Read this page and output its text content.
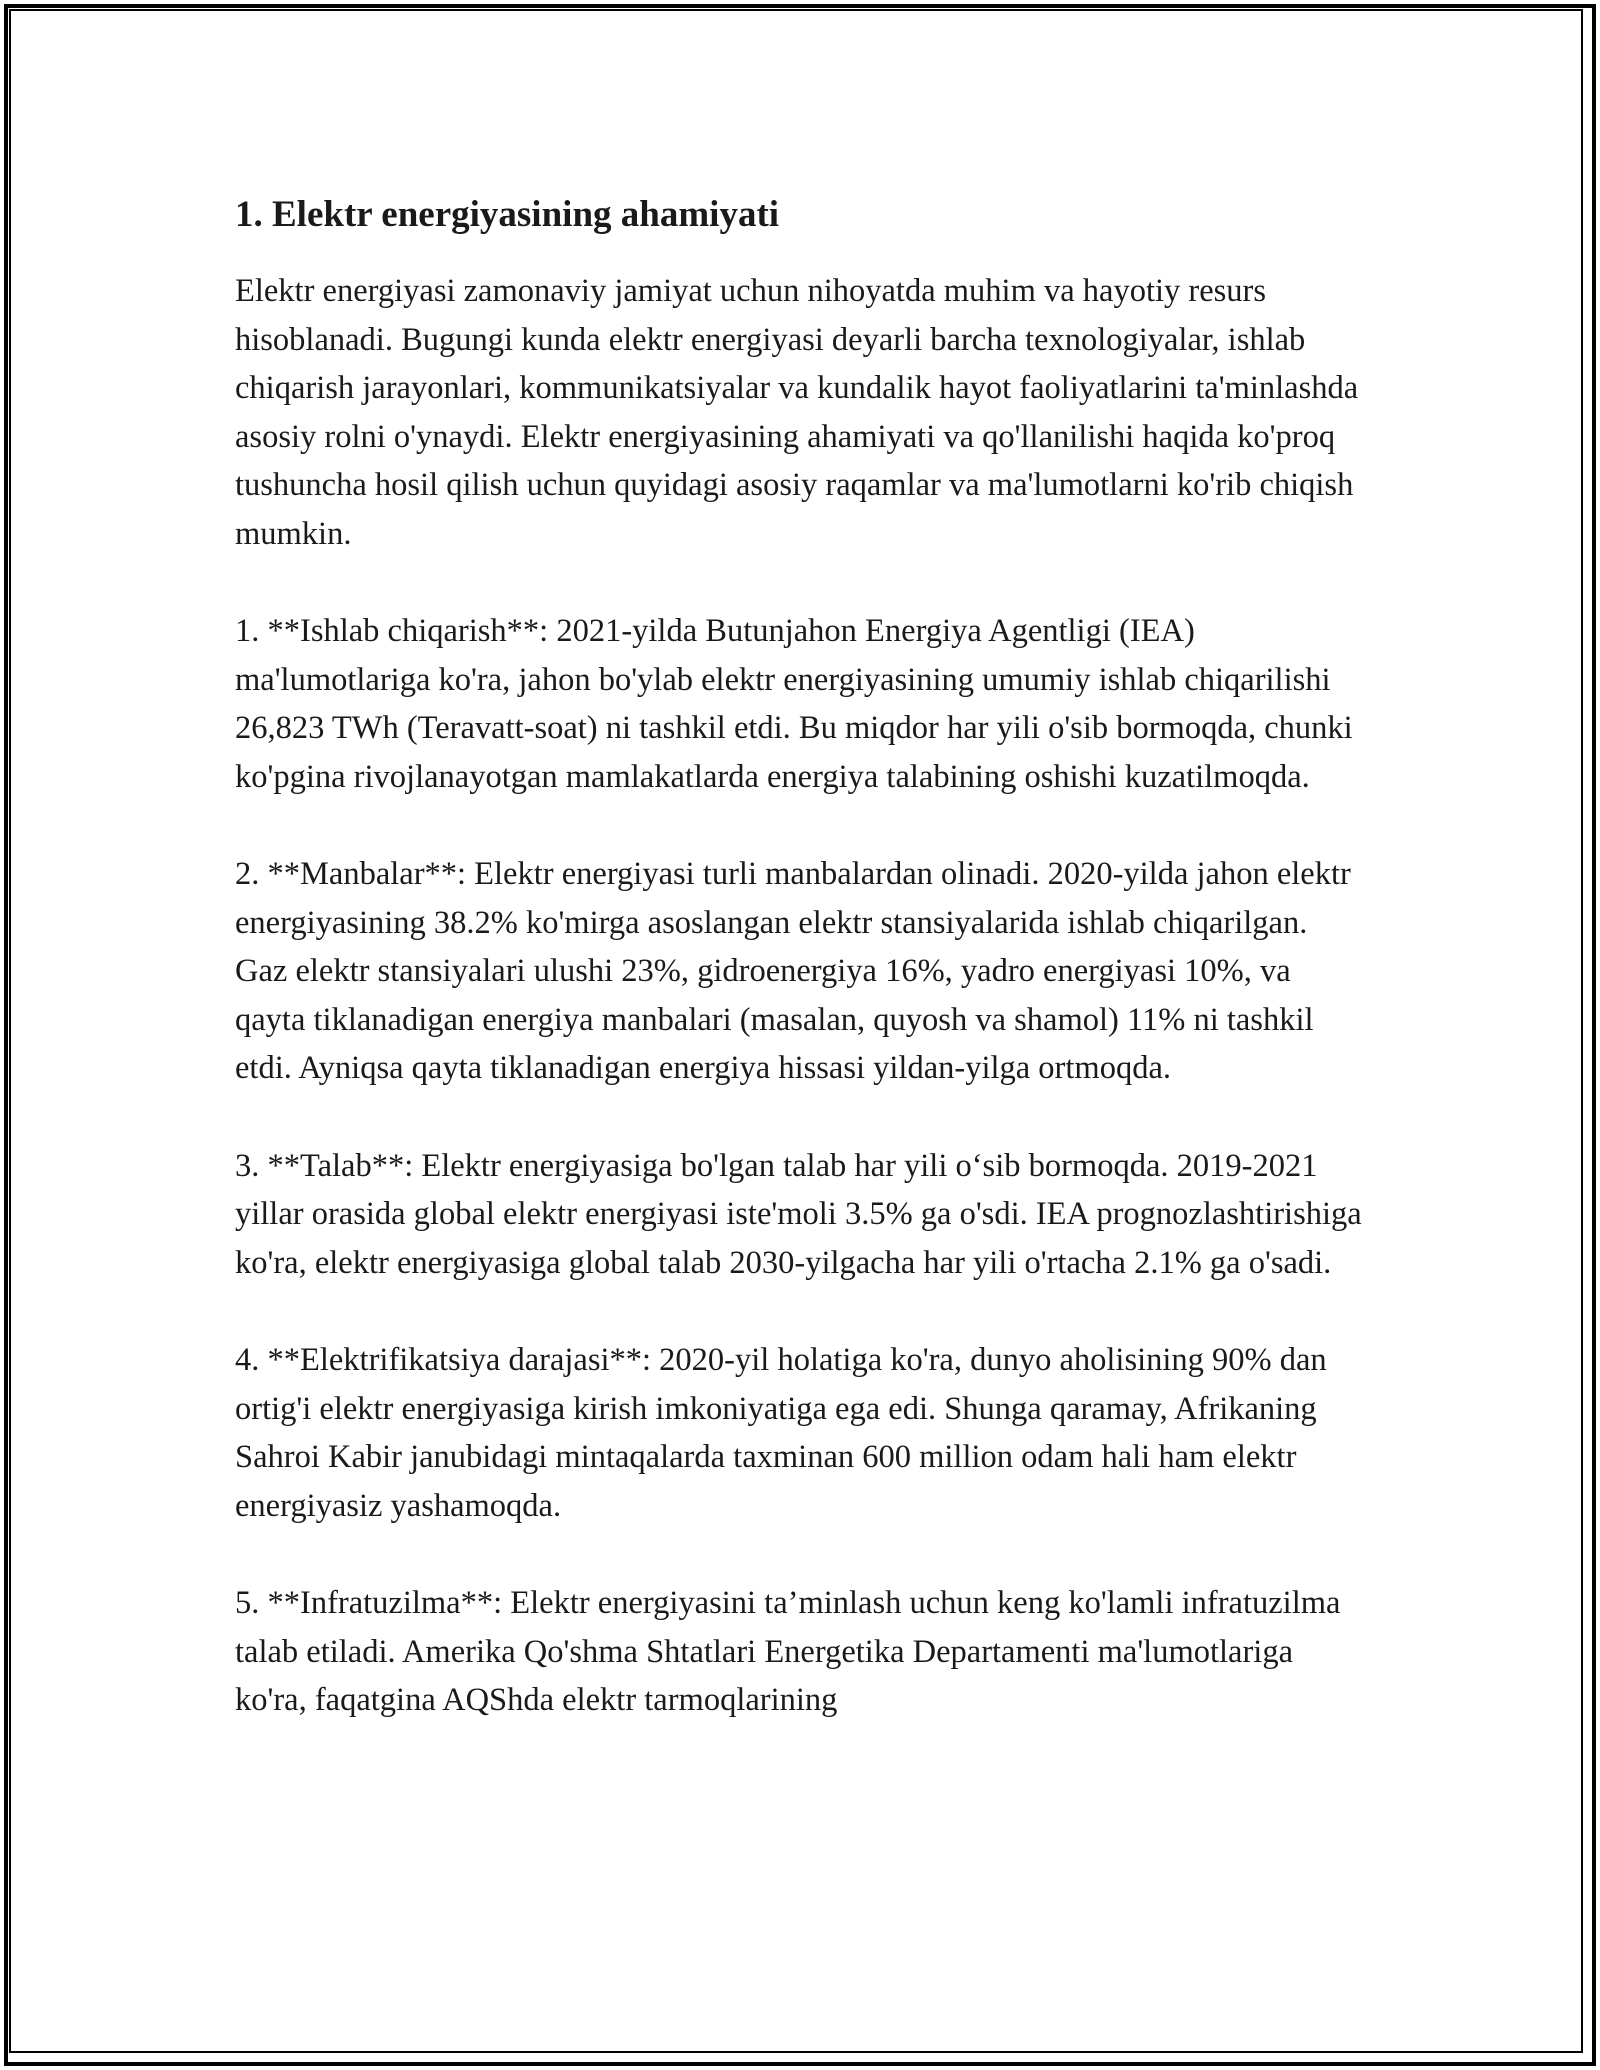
1. Elektr energiyasining ahamiyati

Elektr energiyasi zamonaviy jamiyat uchun nihoyatda muhim va hayotiy resurs hisoblanadi. Bugungi kunda elektr energiyasi deyarli barcha texnologiyalar, ishlab chiqarish jarayonlari, kommunikatsiyalar va kundalik hayot faoliyatlarini ta'minlashda asosiy rolni o'ynaydi. Elektr energiyasining ahamiyati va qo'llanilishi haqida ko'proq tushuncha hosil qilish uchun quyidagi asosiy raqamlar va ma'lumotlarni ko'rib chiqish mumkin.

1. **Ishlab chiqarish**: 2021-yilda Butunjahon Energiya Agentligi (IEA) ma'lumotlariga ko'ra, jahon bo'ylab elektr energiyasining umumiy ishlab chiqarilishi 26,823 TWh (Teravatt-soat) ni tashkil etdi. Bu miqdor har yili o'sib bormoqda, chunki ko'pgina rivojlanayotgan mamlakatlarda energiya talabining oshishi kuzatilmoqda.

2. **Manbalar**: Elektr energiyasi turli manbalardan olinadi. 2020-yilda jahon elektr energiyasining 38.2% ko'mirga asoslangan elektr stansiyalarida ishlab chiqarilgan. Gaz elektr stansiyalari ulushi 23%, gidroenergiya 16%, yadro energiyasi 10%, va qayta tiklanadigan energiya manbalari (masalan, quyosh va shamol) 11% ni tashkil etdi. Ayniqsa qayta tiklanadigan energiya hissasi yildan-yilga ortmoqda.

3. **Talab**: Elektr energiyasiga bo'lgan talab har yili o‘sib bormoqda. 2019-2021 yillar orasida global elektr energiyasi iste'moli 3.5% ga o'sdi. IEA prognozlashtirishiga ko'ra, elektr energiyasiga global talab 2030-yilgacha har yili o'rtacha 2.1% ga o'sadi.

4. **Elektrifikatsiya darajasi**: 2020-yil holatiga ko'ra, dunyo aholisining 90% dan ortig'i elektr energiyasiga kirish imkoniyatiga ega edi. Shunga qaramay, Afrikaning Sahroi Kabir janubidagi mintaqalarda taxminan 600 million odam hali ham elektr energiyasiz yashamoqda.

5. **Infratuzilma**: Elektr energiyasini ta’minlash uchun keng ko'lamli infratuzilma talab etiladi. Amerika Qo'shma Shtatlari Energetika Departamenti ma'lumotlariga ko'ra, faqatgina AQShda elektr tarmoqlarining
